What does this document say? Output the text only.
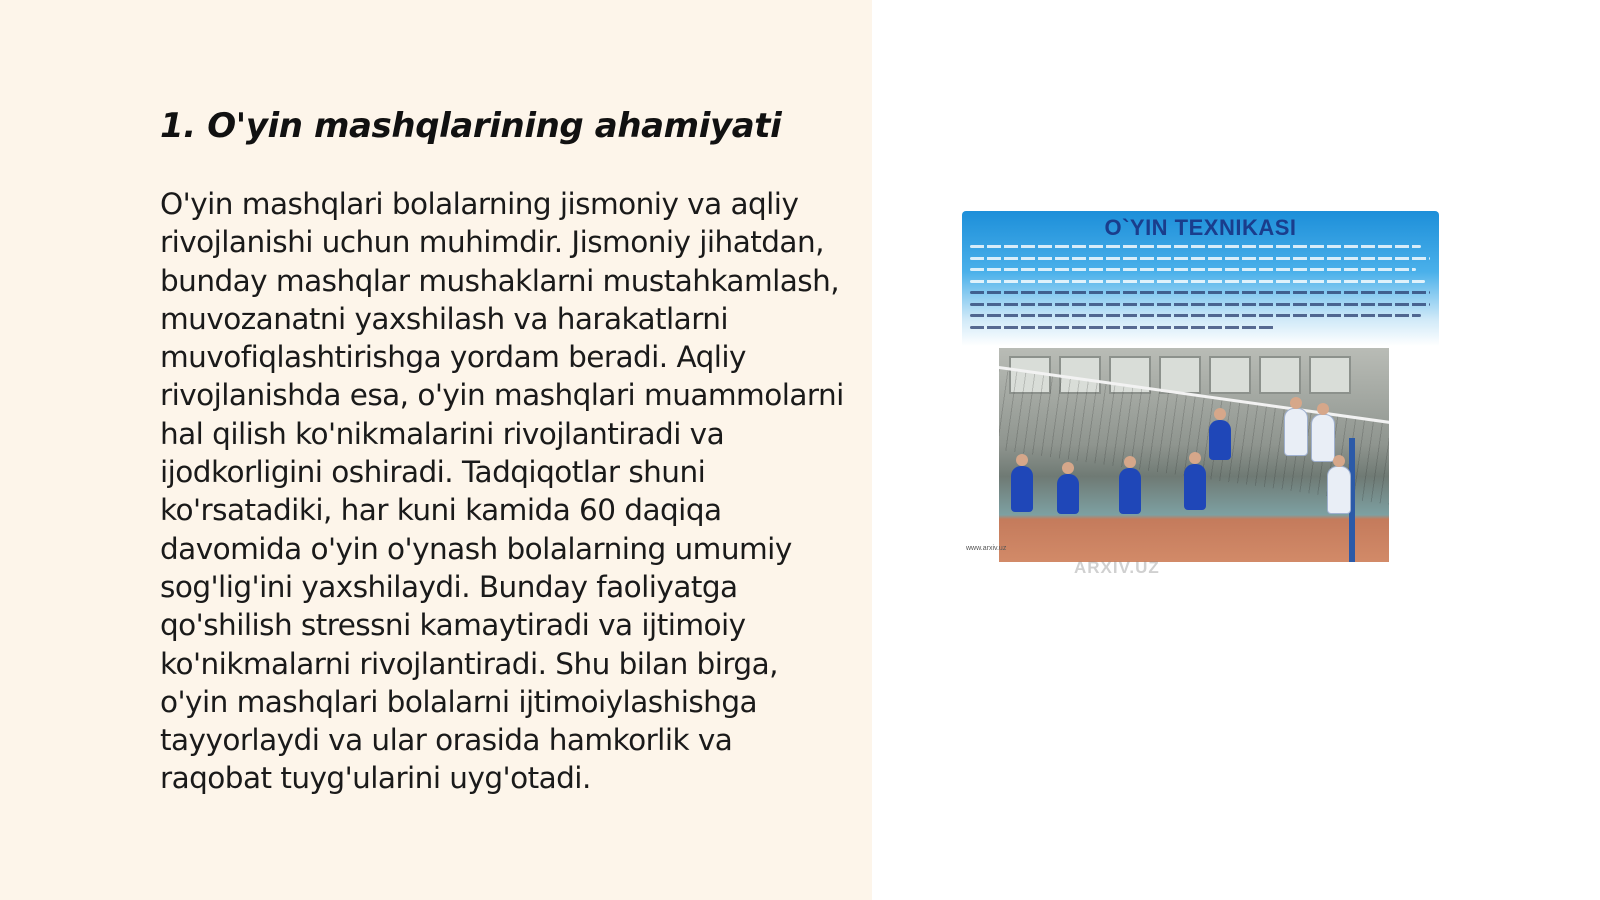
1. O'yin mashqlarining ahamiyati

O'yin mashqlari bolalarning jismoniy va aqliy rivojlanishi uchun muhimdir. Jismoniy jihatdan, bunday mashqlar mushaklarni mustahkamlash, muvozanatni yaxshilash va harakatlarni muvofiqlashtirishga yordam beradi. Aqliy rivojlanishda esa, o'yin mashqlari muammolarni hal qilish ko'nikmalarini rivojlantiradi va ijodkorligini oshiradi. Tadqiqotlar shuni ko'rsatadiki, har kuni kamida 60 daqiqa davomida o'yin o'ynash bolalarning umumiy sog'lig'ini yaxshilaydi. Bunday faoliyatga qo'shilish stressni kamaytiradi va ijtimoiy ko'nikmalarni rivojlantiradi. Shu bilan birga, o'yin mashqlari bolalarni ijtimoiylashishga tayyorlaydi va ular orasida hamkorlik va raqobat tuyg'ularini uyg'otadi.

O`YIN TEXNIKASI
www.arxiv.uz
ARXIV.UZ
